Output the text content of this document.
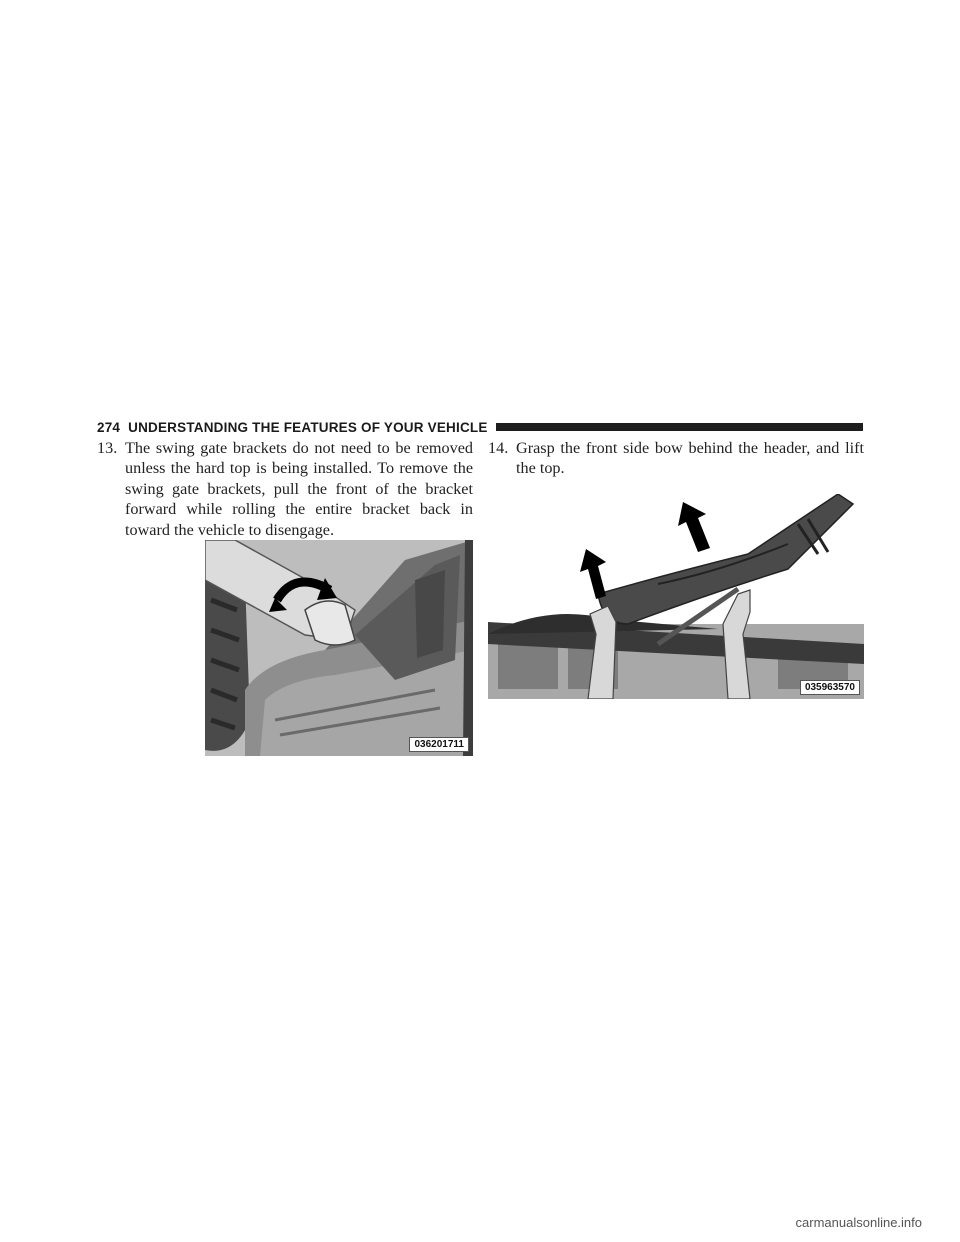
274 UNDERSTANDING THE FEATURES OF YOUR VEHICLE
13. The swing gate brackets do not need to be removed unless the hard top is being installed. To remove the swing gate brackets, pull the front of the bracket forward while rolling the entire bracket back in toward the vehicle to disengage.
036201711
14. Grasp the front side bow behind the header, and lift the top.
035963570
carmanualsonline.info
